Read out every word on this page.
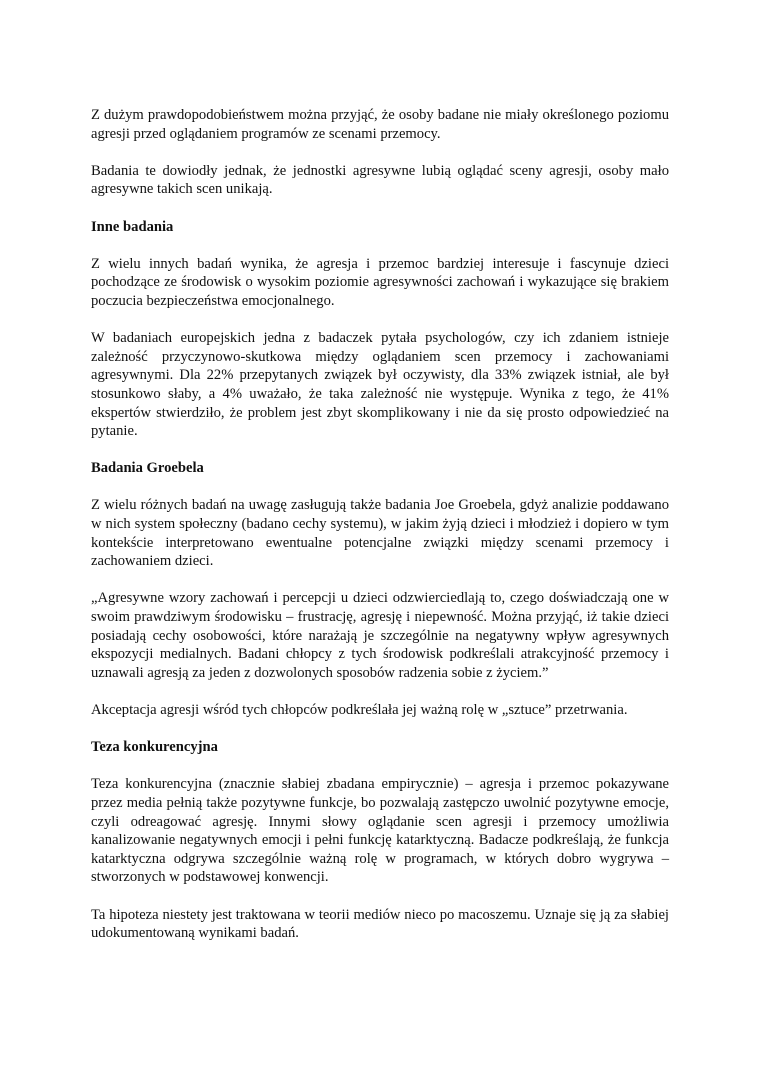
Z dużym prawdopodobieństwem można przyjąć, że osoby badane nie miały określonego poziomu agresji przed oglądaniem programów ze scenami przemocy.

Badania te dowiodły jednak, że jednostki agresywne lubią oglądać sceny agresji, osoby mało agresywne takich scen unikają.

Inne badania

Z wielu innych badań wynika, że agresja i przemoc bardziej interesuje i fascynuje dzieci pochodzące ze środowisk o wysokim poziomie agresywności zachowań i wykazujące się brakiem poczucia bezpieczeństwa emocjonalnego.

W badaniach europejskich jedna z badaczek pytała psychologów, czy ich zdaniem istnieje zależność przyczynowo-skutkowa między oglądaniem scen przemocy i zachowaniami agresywnymi. Dla 22% przepytanych związek był oczywisty, dla 33% związek istniał, ale był stosunkowo słaby, a 4% uważało, że taka zależność nie występuje. Wynika z tego, że 41% ekspertów stwierdziło, że problem jest zbyt skomplikowany i nie da się prosto odpowiedzieć na pytanie.

Badania Groebela

Z wielu różnych badań na uwagę zasługują także badania Joe Groebela, gdyż analizie poddawano w nich system społeczny (badano cechy systemu), w jakim żyją dzieci i młodzież i dopiero w tym kontekście interpretowano ewentualne potencjalne związki między scenami przemocy i zachowaniem dzieci.

„Agresywne wzory zachowań i percepcji u dzieci odzwierciedlają to, czego doświadczają one w swoim prawdziwym środowisku – frustrację, agresję i niepewność. Można przyjąć, iż takie dzieci posiadają cechy osobowości, które narażają je szczególnie na negatywny wpływ agresywnych ekspozycji medialnych. Badani chłopcy z tych środowisk podkreślali atrakcyjność przemocy i uznawali agresją za jeden z dozwolonych sposobów radzenia sobie z życiem.”

Akceptacja agresji wśród tych chłopców podkreślała jej ważną rolę w „sztuce” przetrwania.

Teza konkurencyjna

Teza konkurencyjna (znacznie słabiej zbadana empirycznie) – agresja i przemoc pokazywane przez media pełnią także pozytywne funkcje, bo pozwalają zastępczo uwolnić pozytywne emocje, czyli odreagować agresję. Innymi słowy oglądanie scen agresji i przemocy umożliwia kanalizowanie negatywnych emocji i pełni funkcję katarktyczną. Badacze podkreślają, że funkcja katarktyczna odgrywa szczególnie ważną rolę w programach, w których dobro wygrywa – stworzonych w podstawowej konwencji.

Ta hipoteza niestety jest traktowana w teorii mediów nieco po macoszemu. Uznaje się ją za słabiej udokumentowaną wynikami badań.
